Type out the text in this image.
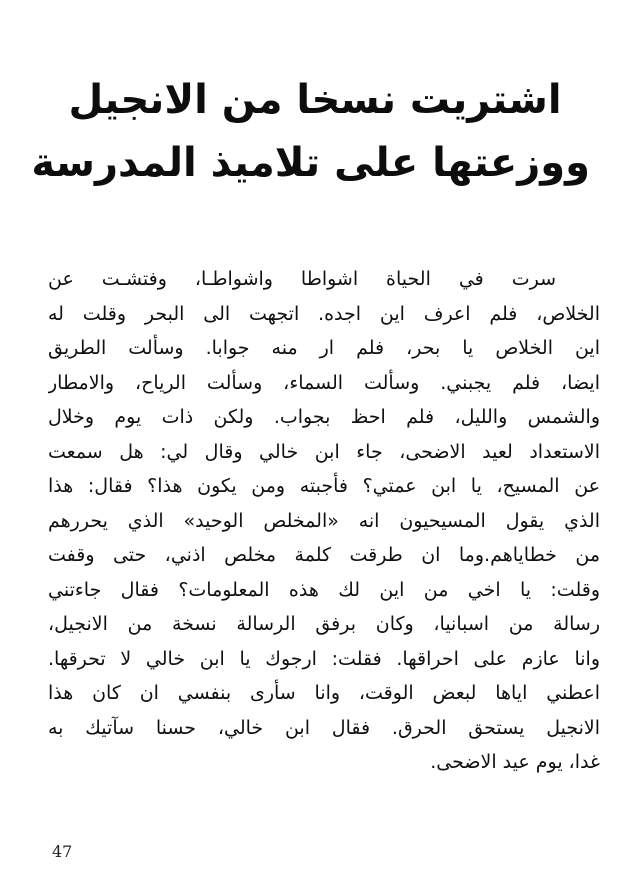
اشتريت نسخا من الانجيل
ووزعتها على تلاميذ المدرسة
سرت في الحياة اشواطا واشواطـا، وفتشـت عن
الخلاص، فلم اعرف اين اجده. اتجهت الى البحر وقلت له
اين الخلاص يا بحر، فلم ار منه جوابا. وسألت الطريق
ايضا، فلم يجبني. وسألت السماء، وسألت الرياح، والامطار
والشمس والليل، فلم احظ بجواب. ولكن ذات يوم وخلال
الاستعداد لعيد الاضحى، جاء ابن خالي وقال لي: هل سمعت
عن المسيح، يا ابن عمتي؟ فأجبته ومن يكون هذا؟ فقال: هذا
الذي يقول المسيحيون انه «المخلص الوحيد» الذي يحررهم
من خطاياهم.وما ان طرقت كلمة مخلص اذني، حتى وقفت
وقلت: يا اخي من اين لك هذه المعلومات؟ فقال جاءتني
رسالة من اسبانيا، وكان برفق الرسالة نسخة من الانجيل،
وانا عازم على احراقها. فقلت: ارجوك يا ابن خالي لا تحرقها.
اعطني اياها لبعض الوقت، وانا سأرى بنفسي ان كان هذا
الانجيل يستحق الحرق. فقال ابن خالي، حسنا سآتيك به
غدا، يوم عيد الاضحى.
47
